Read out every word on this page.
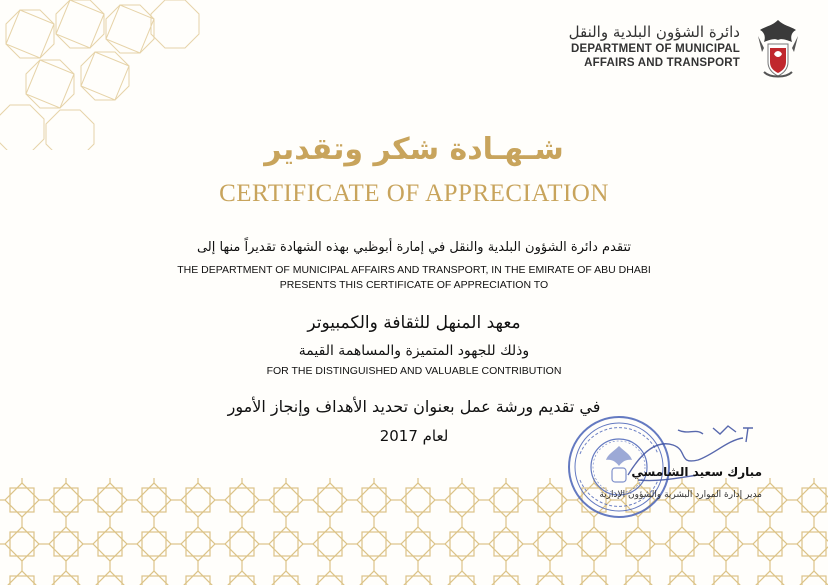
دائرة الشؤون البلدية والنقل
DEPARTMENT OF MUNICIPAL
AFFAIRS AND TRANSPORT
شـهـادة شكر وتقدير
CERTIFICATE OF APPRECIATION
تتقدم دائرة الشؤون البلدية والنقل في إمارة أبوظبي بهذه الشهادة تقديراً منها إلى
THE DEPARTMENT OF MUNICIPAL AFFAIRS AND TRANSPORT, IN THE EMIRATE OF ABU DHABI
PRESENTS THIS CERTIFICATE OF APPRECIATION TO
معهد المنهل للثقافة والكمبيوتر
وذلك للجهود المتميزة والمساهمة القيمة
FOR THE DISTINGUISHED AND VALUABLE CONTRIBUTION
في تقديم ورشة عمل بعنوان تحديد الأهداف وإنجاز الأمور
لعام 2017
مبارك سعيد الشامسي
مدير إدارة الموارد البشرية والشؤون الإدارية
